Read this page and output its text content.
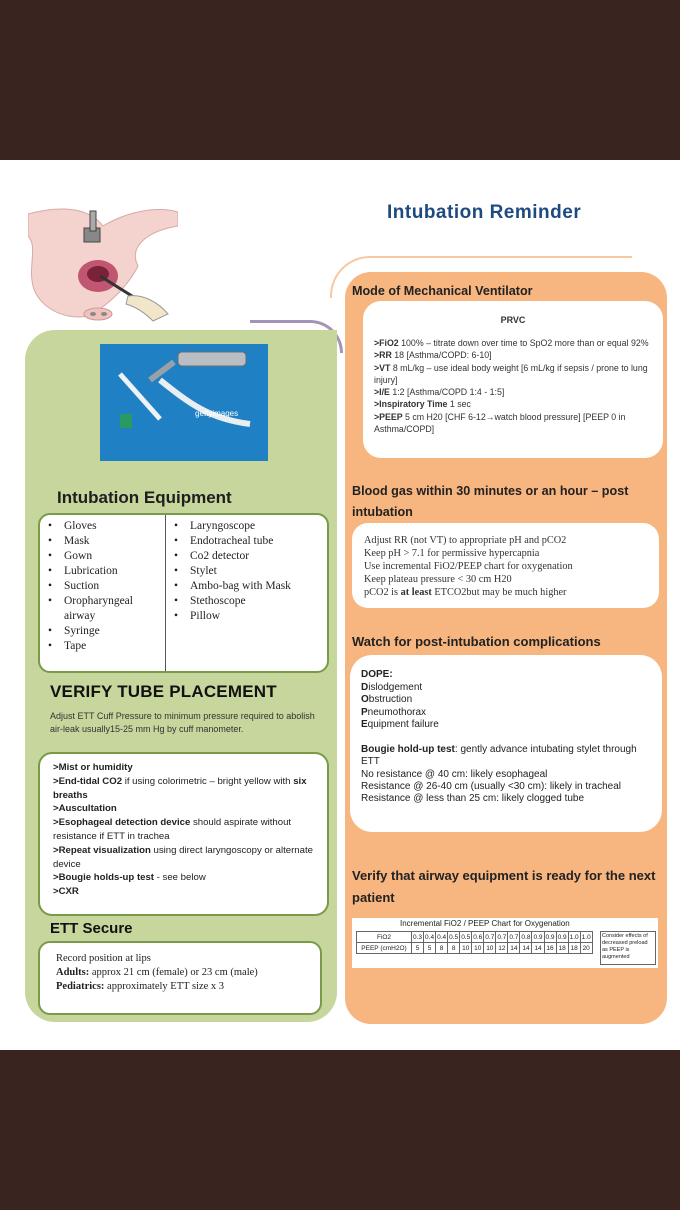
Intubation Reminder
gettyimages
Intubation Equipment
• Gloves
• Mask
• Gown
• Lubrication
• Suction
• Oropharyngeal airway
• Syringe
• Tape
• Laryngoscope
• Endotracheal tube
• Co2 detector
• Stylet
• Ambo-bag with Mask
• Stethoscope
• Pillow
VERIFY TUBE PLACEMENT
Adjust ETT Cuff Pressure to minimum pressure required to abolish air-leak usually15-25 mm Hg by cuff manometer.
>Mist or humidity
>End-tidal CO2 if using colorimetric – bright yellow with six breaths
>Auscultation
>Esophageal detection device should aspirate without resistance if ETT in trachea
>Repeat visualization using direct laryngoscopy or alternate device
>Bougie holds-up test - see below
>CXR
ETT Secure
Record position at lips
Adults: approx 21 cm (female) or 23 cm (male)
Pediatrics: approximately ETT size x 3
Mode of Mechanical Ventilator
PRVC
>FiO2 100% – titrate down over time to SpO2 more than or equal 92%
>RR 18 [Asthma/COPD: 6-10]
>VT 8 mL/kg – use ideal body weight [6 mL/kg if sepsis / prone to lung injury]
>I/E 1:2 [Asthma/COPD 1:4 - 1:5]
>Inspiratory Time 1 sec
>PEEP 5 cm H20 [CHF 6-12→watch blood pressure] [PEEP 0 in Asthma/COPD]
Blood gas within 30 minutes or an hour – post intubation
Adjust RR (not VT) to appropriate pH and pCO2
Keep pH > 7.1 for permissive hypercapnia
Use incremental FiO2/PEEP chart for oxygenation
Keep plateau pressure < 30 cm H20
pCO2 is at least ETCO2but may be much higher
Watch for post-intubation complications
DOPE:
Dislodgement
Obstruction
Pneumothorax
Equipment failure
Bougie hold-up test: gently advance intubating stylet through ETT
No resistance @ 40 cm: likely esophageal
Resistance @ 26-40 cm (usually <30 cm): likely in tracheal
Resistance @ less than 25 cm: likely clogged tube
Verify that airway equipment is ready for the next patient
Incremental FiO2 / PEEP Chart for Oxygenation
FiO2	0.3	0.4	0.4	0.5	0.5	0.6	0.7	0.7	0.7	0.8	0.9	0.9	0.9	1.0	1.0
PEEP (cmH2O)	5	5	8	8	10	10	10	12	14	14	14	16	18	18	20
Consider effects of decreased preload as PEEP is augmented
